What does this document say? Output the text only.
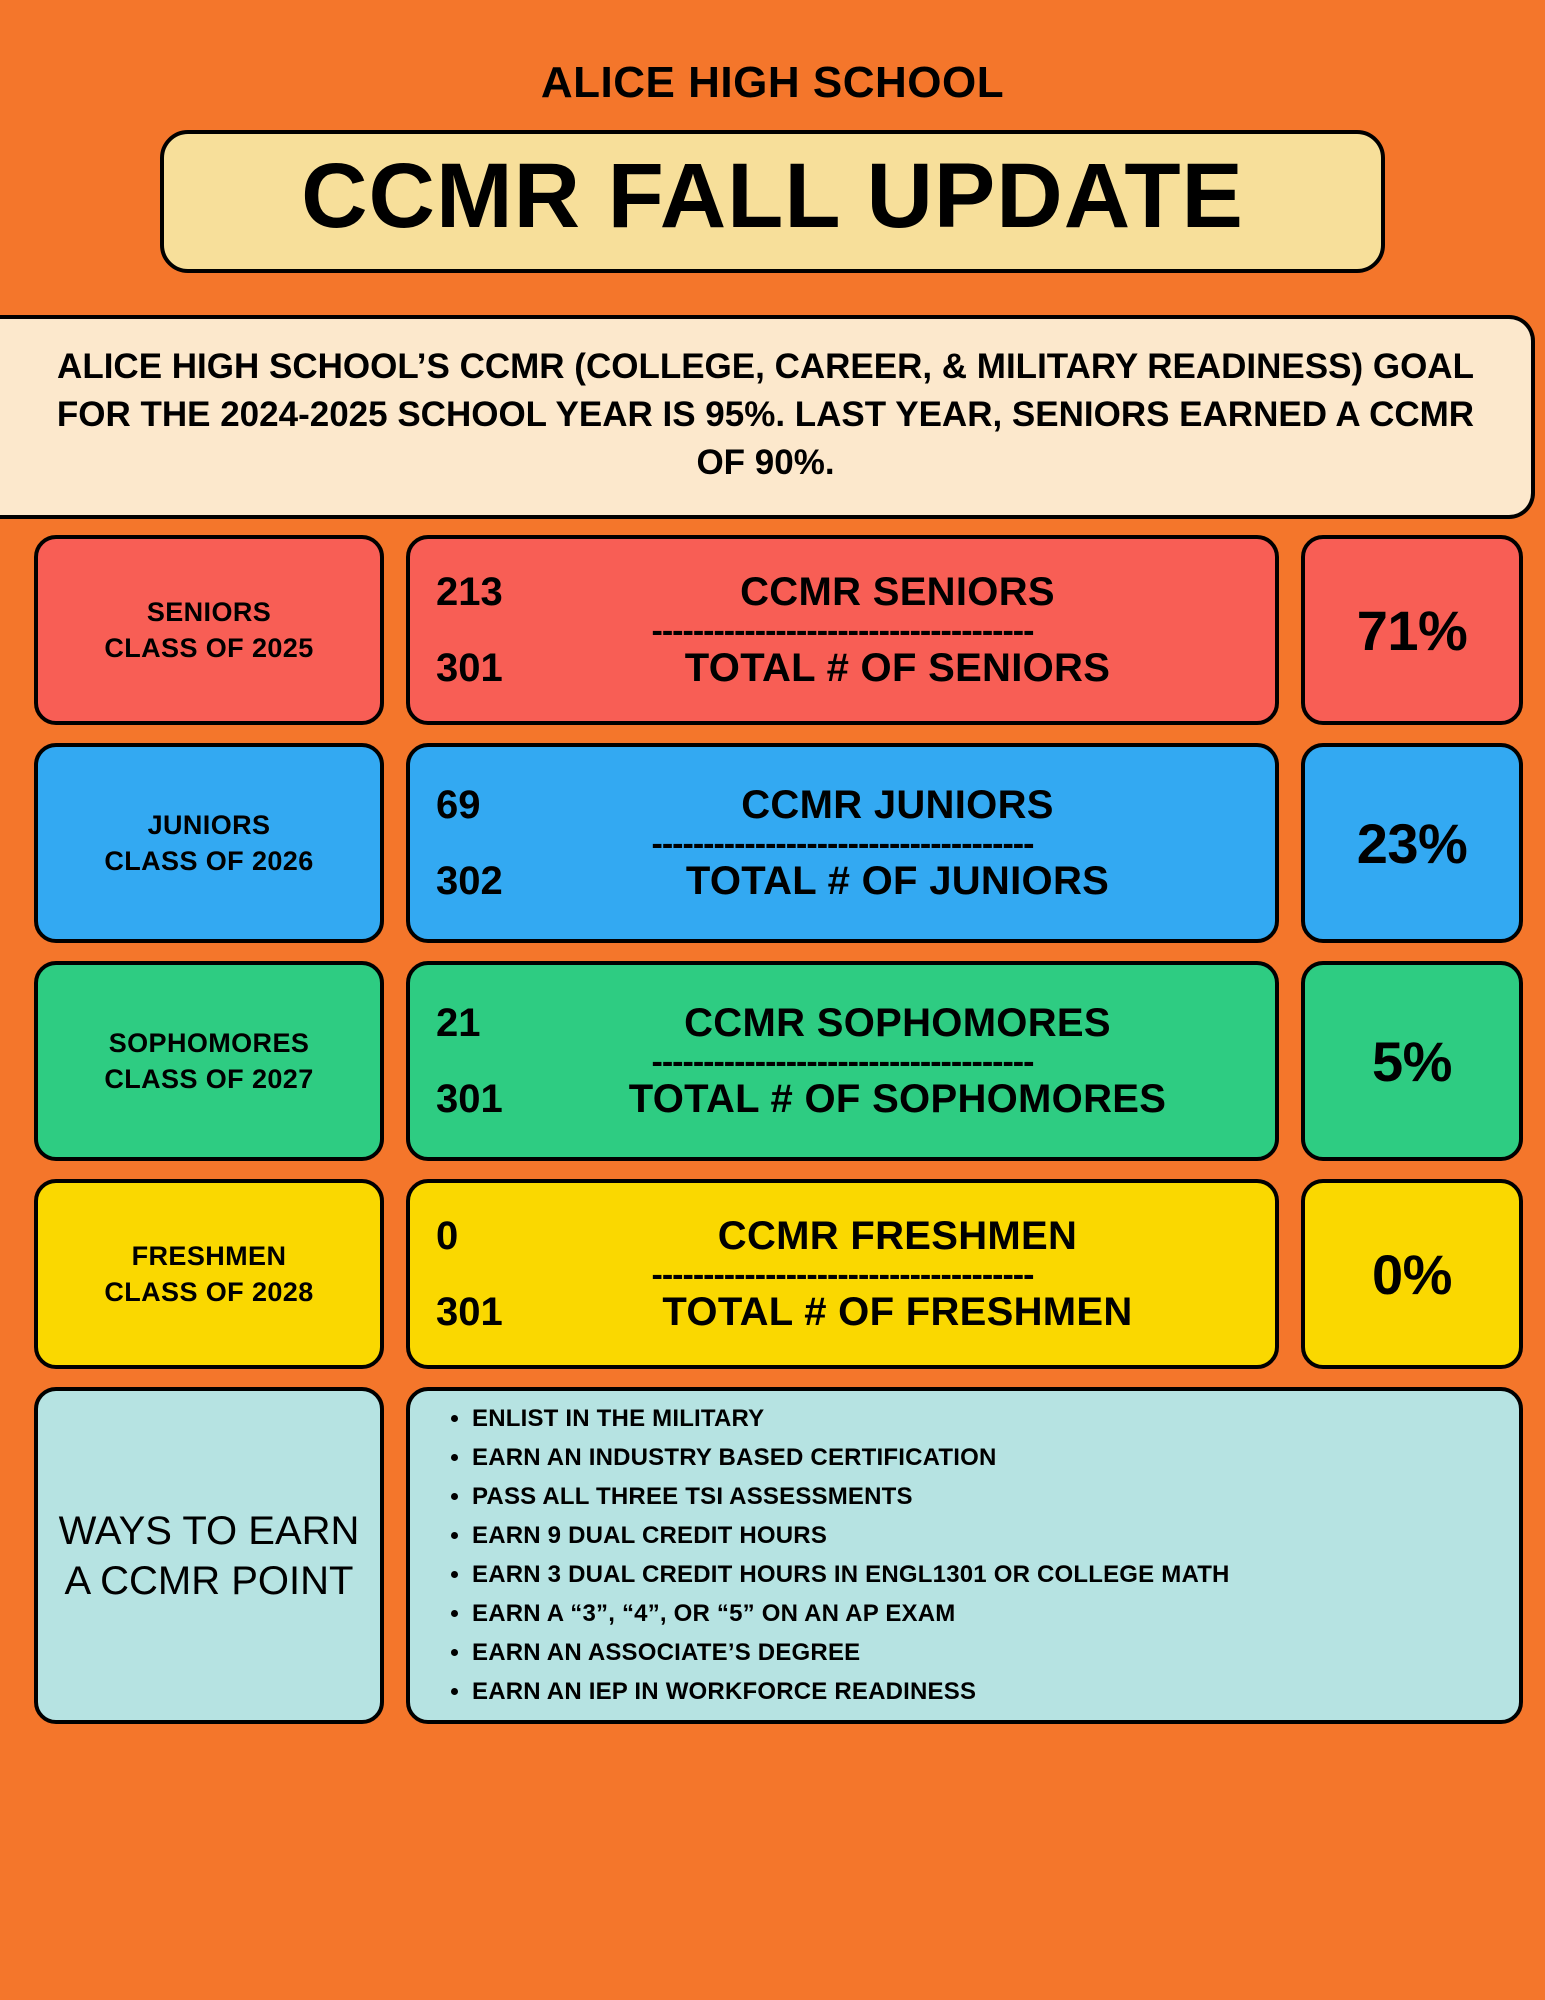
ALICE HIGH SCHOOL
CCMR FALL UPDATE
ALICE HIGH SCHOOL’S CCMR (COLLEGE, CAREER, & MILITARY READINESS) GOAL FOR THE 2024-2025 SCHOOL YEAR IS 95%. LAST YEAR, SENIORS EARNED A CCMR OF 90%.
SENIORS
CLASS OF 2025
213	CCMR SENIORS
-------------------------------------
301	TOTAL # OF SENIORS
71%
JUNIORS
CLASS OF 2026
69	CCMR JUNIORS
-------------------------------------
302	TOTAL # OF JUNIORS
23%
SOPHOMORES
CLASS OF 2027
21	CCMR SOPHOMORES
-------------------------------------
301	TOTAL # OF SOPHOMORES
5%
FRESHMEN
CLASS OF 2028
0	CCMR FRESHMEN
-------------------------------------
301	TOTAL # OF FRESHMEN
0%
WAYS TO EARN A CCMR POINT
• ENLIST IN THE MILITARY
• EARN AN INDUSTRY BASED CERTIFICATION
• PASS ALL THREE TSI ASSESSMENTS
• EARN 9 DUAL CREDIT HOURS
• EARN 3 DUAL CREDIT HOURS IN ENGL1301 OR COLLEGE MATH
• EARN A “3”, “4”, OR “5” ON AN AP EXAM
• EARN AN ASSOCIATE’S DEGREE
• EARN AN IEP IN WORKFORCE READINESS
